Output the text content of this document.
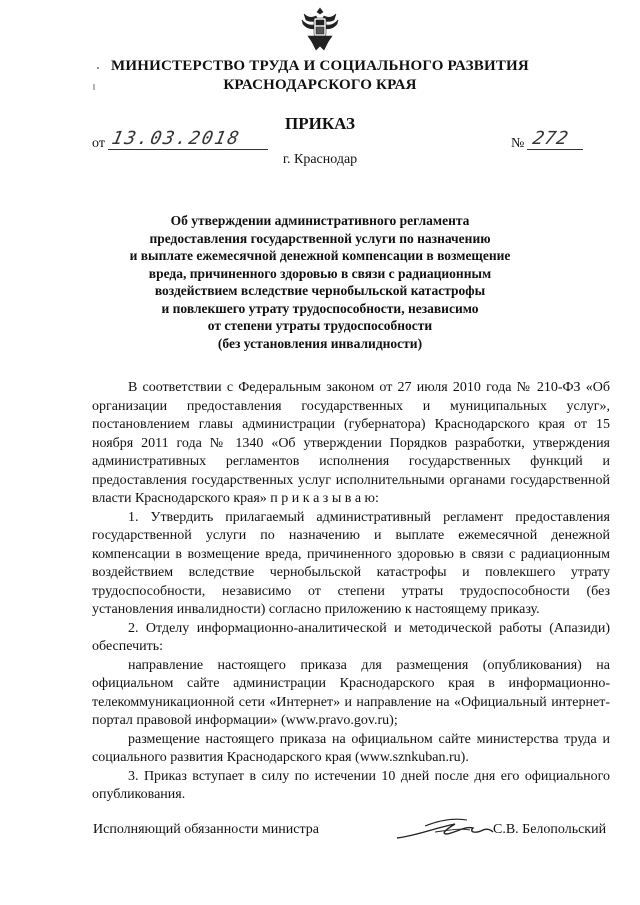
МИНИСТЕРСТВО ТРУДА И СОЦИАЛЬНОГО РАЗВИТИЯ
КРАСНОДАРСКОГО КРАЯ
ПРИКАЗ
от 13.03.2018	№ 272
г. Краснодар
Об утверждении административного регламента
предоставления государственной услуги по назначению
и выплате ежемесячной денежной компенсации в возмещение
вреда, причиненного здоровью в связи с радиационным
воздействием вследствие чернобыльской катастрофы
и повлекшего утрату трудоспособности, независимо
от степени утраты трудоспособности
(без установления инвалидности)

В соответствии с Федеральным законом от 27 июля 2010 года № 210-ФЗ «Об организации предоставления государственных и муниципальных услуг», постановлением главы администрации (губернатора) Краснодарского края от 15 ноября 2011 года № 1340 «Об утверждении Порядков разработки, утверждения административных регламентов исполнения государственных функций и предоставления государственных услуг исполнительными органами государственной власти Краснодарского края» п р и к а з ы в а ю:

1. Утвердить прилагаемый административный регламент предоставления государственной услуги по назначению и выплате ежемесячной денежной компенсации в возмещение вреда, причиненного здоровью в связи с радиационным воздействием вследствие чернобыльской катастрофы и повлекшего утрату трудоспособности, независимо от степени утраты трудоспособности (без установления инвалидности) согласно приложению к настоящему приказу.

2. Отделу информационно-аналитической и методической работы (Апазиди) обеспечить:

направление настоящего приказа для размещения (опубликования) на официальном сайте администрации Краснодарского края в информационно-телекоммуникационной сети «Интернет» и направление на «Официальный интернет-портал правовой информации» (www.pravo.gov.ru);

размещение настоящего приказа на официальном сайте министерства труда и социального развития Краснодарского края (www.sznkuban.ru).

3. Приказ вступает в силу по истечении 10 дней после дня его официального опубликования.

Исполняющий обязанности министра	С.В. Белопольский
